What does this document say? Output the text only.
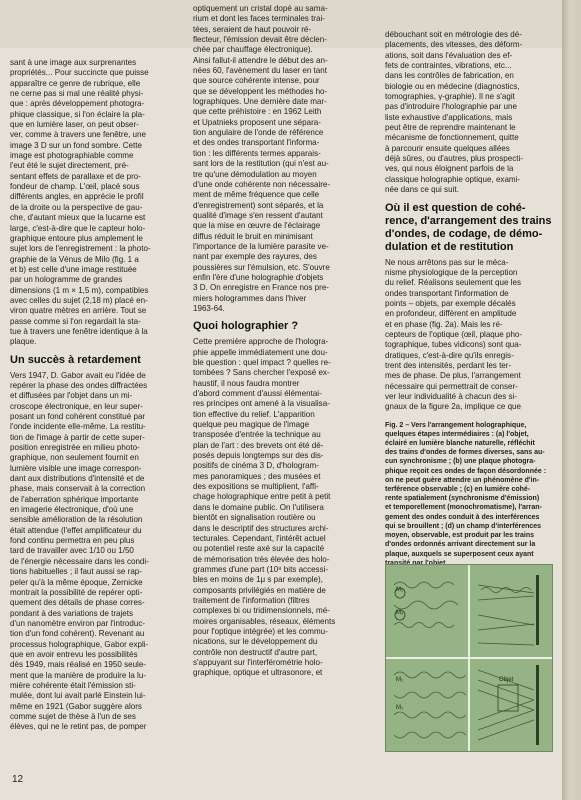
sant à une image aux surprenantes
propriétés... Pour succincte que puisse
apparaître ce genre de rubrique, elle
ne cerne pas si mal une réalité physi-
que : après développement photogra-
phique classique, si l'on éclaire la pla-
que en lumière laser, on peut obser-
ver, comme à travers une fenêtre, une
image 3 D sur un fond sombre. Cette
image est photographiable comme
l'eut été le sujet directement, pré-
sentant effets de parallaxe et de pro-
fondeur de champ. L'œil, placé sous
différents angles, en apprécie le profil
de la droite ou la perspective de gau-
che, d'autant mieux que la lucarne est
large, c'est-à-dire que le capteur holo-
graphique entoure plus amplement le
sujet lors de l'enregistrement : la photo-
graphie de la Vénus de Milo (fig. 1 a
et b) est celle d'une image restituée
par un hologramme de grandes
dimensions (1 m × 1,5 m), compatibles
avec celles du sujet (2,18 m) placé en-
viron quatre mètres en arrière. Tout se
passe comme si l'on regardait la sta-
tue à travers une fenêtre identique à la
plaque.

Un succès à retardement

Vers 1947, D. Gabor avait eu l'idée de
repérer la phase des ondes diffractées
et diffusées par l'objet dans un mi-
croscope électronique, en leur super-
posant un fond cohérent constitué par
l'onde incidente elle-même. La restitu-
tion de l'image à partir de cette super-
position enregistrée en milieu photo-
graphique, non seulement fournit en
lumière visible une image correspon-
dant aux distributions d'intensité et de
phase, mais conservait à la correction
de l'aberration sphérique importante
en imagerie électronique, d'où une
sensible amélioration de la résolution
était attendue (l'effet amplificateur du
fond continu permettra en peu plus
tard de travailler avec 1/10 ou 1/50
de l'énergie nécessaire dans les condi-
tions habituelles ; il faut aussi se rap-
peler qu'à la même époque, Zernicke
montrait la possibilité de repérer opti-
quement des détails de phase corres-
pondant à des variations de trajets
d'un nanomètre environ par l'introduc-
tion d'un fond cohérent). Revenant au
processus holographique, Gabor expli-
que en avoir entrevu les possibilités
dès 1949, mais réalisé en 1950 seule-
ment que la manière de produire la lu-
mière cohérente était l'émission sti-
mulée, dont lui avait parlé Einstein lui-
même en 1921 (Gabor suggère alors
comme sujet de thèse à l'un de ses
élèves, qui ne le retint pas, de pomper

optiquement un cristal dopé au sama-
rium et dont les faces terminales trai-
tées, seraient de haut pouvoir ré-
flecteur, l'émission devait être déclen-
chée par chauffage électronique).
Ainsi fallut-il attendre le début des an-
nées 60, l'avènement du laser en tant
que source cohérente intense, pour
que se développent les méthodes ho-
lographiques. Une dernière date mar-
que cette préhistoire : en 1962 Leith
et Upatnieks proposent une sépara-
tion angulaire de l'onde de référence
et des ondes transportant l'informa-
tion : les différents termes apparais-
sant lors de la restitution (qui n'est au-
tre qu'une démodulation au moyen
d'une onde cohérente non nécessaire-
ment de même fréquence que celle
d'enregistrement) sont séparés, et la
qualité d'image s'en ressent d'autant
que la mise en œuvre de l'éclairage
diffus réduit le bruit en minimisant
l'importance de la lumière parasite ve-
nant par exemple des rayures, des
poussières sur l'émulsion, etc. S'ouvre
enfin l'ère d'une holographie d'objets
3 D. On enregistre en France nos pre-
miers hologrammes dans l'hiver
1963-64.

Quoi holographier ?

Cette première approche de l'hologra-
phie appelle immédiatement une dou-
ble question : quel impact ? quelles re-
tombées ? Sans chercher l'exposé ex-
haustif, il nous faudra montrer
d'abord comment d'aussi élémentai-
res principes ont amené à la visualisa-
tion effective du relief. L'apparition
quelque peu magique de l'image
transposée d'entrée la technique au
plan de l'art : des brevets ont été dé-
posés depuis longtemps sur des dis-
positifs de cinéma 3 D, d'hologram-
mes panoramiques ; des musées et
des expositions se multiplient, l'affi-
chage holographique entre petit à petit
dans le domaine public. On l'utilisera
bientôt en signalisation routière ou
dans le descriptif des structures archi-
tecturales. Cependant, l'intérêt actuel
ou potentiel reste axé sur la capacité
de mémorisation très élevée des holo-
grammes d'une part (10⁸ bits accessi-
bles en moins de 1μ s par exemple),
composants privilégiés en matière de
traitement de l'information (filtres
complexes bi ou tridimensionnels, mé-
moires organisables, réseaux, éléments
pour l'optique intégrée) et les commu-
nications, sur le développement du
contrôle non destructif d'autre part,
s'appuyant sur l'interférométrie holo-
graphique, optique et ultrasonore, et

débouchant soit en métrologie des dé-
placements, des vitesses, des déform-
ations, soit dans l'évaluation des ef-
fets de contraintes, vibrations, etc...
dans les contrôles de fabrication, en
biologie ou en médecine (diagnostics,
tomographies, γ-graphie). Il ne s'agit
pas d'introduire l'holographie par une
liste exhaustive d'applications, mais
peut être de reprendre maintenant le
mécanisme de fonctionnement, quitte
à parcourir ensuite quelques allées
déjà sûres, ou d'autres, plus prospecti-
ves, qui nous éloignent parfois de la
classique holographie optique, exami-
née dans ce qui suit.

Où il est question de cohé-
rence, d'arrangement des trains
d'ondes, de codage, de démo-
dulation et de restitution

Ne nous arrêtons pas sur le méca-
nisme physiologique de la perception
du relief. Réalisons seulement que les
ondes transportant l'information de
points – objets, par exemple décalés
en profondeur, diffèrent en amplitude
et en phase (fig. 2a). Mais les ré-
cepteurs de l'optique (œil, plaque pho-
tographique, tubes vidicons) sont qua-
dratiques, c'est-à-dire qu'ils enregis-
trent des intensités, perdant les ter-
mes de phase. De plus, l'arrangement
nécessaire qui permettrait de conser-
ver leur individualité à chacun des si-
gnaux de la figure 2a, implique ce que

Fig. 2 – Vers l'arrangement holographique,
quelques étapes intermédiaires : (a) l'objet,
éclairé en lumière blanche naturelle, réfléchit
des trains d'ondes de formes diverses, sans au-
cun synchronisme ; (b) une plaque photogra-
phique reçoit ces ondes de façon désordonnée :
on ne peut guère attendre un phénomène d'in-
terférence observable ; (c) en lumière cohé-
rente spatialement (synchronisme d'émission)
et temporellement (monochromatisme), l'arran-
gement des ondes conduit à des interférences
qui se brouillent ; (d) un champ d'interférences
moyen, observable, est produit par les trains
d'ondes ordonnés arrivant directement sur la
plaque, auxquels se superposent ceux ayant

M₁
M₂
M₁
M₂
Objet
12
